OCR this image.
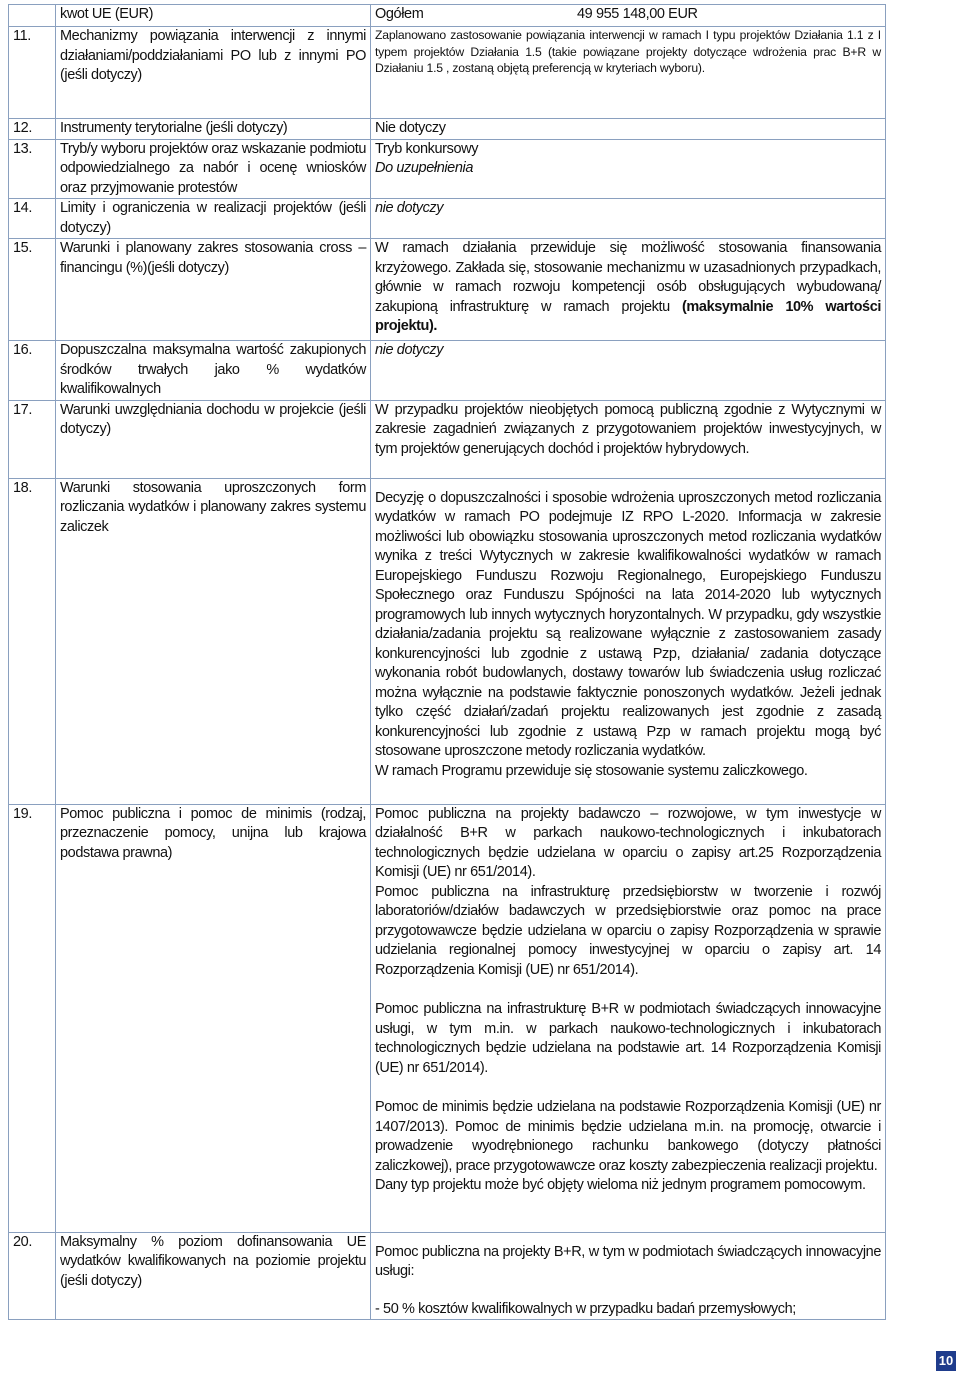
	kwot UE (EUR)	Ogółem 49 955 148,00 EUR
11.	Mechanizmy powiązania interwencji z innymi działaniami/poddziałaniami PO lub z innymi PO (jeśli dotyczy)	Zaplanowano zastosowanie powiązania interwencji w ramach I typu projektów Działania 1.1 z I typem projektów Działania 1.5 (takie powiązane projekty dotyczące wdrożenia prac B+R w Działaniu 1.5 , zostaną objętą preferencją w kryteriach wyboru).
12.	Instrumenty terytorialne (jeśli dotyczy)	Nie dotyczy
13.	Tryb/y wyboru projektów oraz wskazanie podmiotu odpowiedzialnego za nabór i ocenę wniosków oraz przyjmowanie protestów	Tryb konkursowy

Do uzupełnienia

14.	Limity i ograniczenia w realizacji projektów (jeśli dotyczy)	nie dotyczy
15.	Warunki i planowany zakres stosowania cross – financingu (%)(jeśli dotyczy)	W ramach działania przewiduje się możliwość stosowania finansowania krzyżowego. Zakłada się, stosowanie mechanizmu w uzasadnionych przypadkach, głównie w ramach rozwoju kompetencji osób obsługujących wybudowaną/ zakupioną infrastrukturę w ramach projektu (maksymalnie 10% wartości projektu).
16.	Dopuszczalna maksymalna wartość zakupionych środków trwałych jako % wydatków kwalifikowalnych	nie dotyczy
17.	Warunki uwzględniania dochodu w projekcie (jeśli dotyczy)	W przypadku projektów nieobjętych pomocą publiczną zgodnie z Wytycznymi w zakresie zagadnień związanych z przygotowaniem projektów inwestycyjnych, w tym projektów generujących dochód i projektów hybrydowych.
18.	Warunki stosowania uproszczonych form rozliczania wydatków i planowany zakres systemu zaliczek	Decyzję o dopuszczalności i sposobie wdrożenia uproszczonych metod rozliczania wydatków w ramach PO podejmuje IZ RPO L-2020. Informacja w zakresie możliwości lub obowiązku stosowania uproszczonych metod rozliczania wydatków wynika z treści Wytycznych w zakresie kwalifikowalności wydatków w ramach Europejskiego Funduszu Rozwoju Regionalnego, Europejskiego Funduszu Społecznego oraz Funduszu Spójności na lata 2014-2020 lub wytycznych programowych lub innych wytycznych horyzontalnych. W przypadku, gdy wszystkie działania/zadania projektu są realizowane wyłącznie z zastosowaniem zasady konkurencyjności lub zgodnie z ustawą Pzp, działania/ zadania dotyczące wykonania robót budowlanych, dostawy towarów lub świadczenia usług rozliczać można wyłącznie na podstawie faktycznie ponoszonych wydatków. Jeżeli jednak tylko część działań/zadań projektu realizowanych jest zgodnie z zasadą konkurencyjności lub zgodnie z ustawą Pzp w ramach projektu mogą być stosowane uproszczone metody rozliczania wydatków.

W ramach Programu przewiduje się stosowanie systemu zaliczkowego.

19.	Pomoc publiczna i pomoc de minimis (rodzaj, przeznaczenie pomocy, unijna lub krajowa podstawa prawna)	Pomoc publiczna na projekty badawczo – rozwojowe, w tym inwestycje w działalność B+R w parkach naukowo-technologicznych i inkubatorach technologicznych będzie udzielana w oparciu o zapisy art.25 Rozporządzenia Komisji (UE) nr 651/2014).

Pomoc publiczna na infrastrukturę przedsiębiorstw w tworzenie i rozwój laboratoriów/działów badawczych w przedsiębiorstwie oraz pomoc na prace przygotowawcze będzie udzielana w oparciu o zapisy Rozporządzenia w sprawie udzielania regionalnej pomocy inwestycyjnej w oparciu o zapisy art. 14 Rozporządzenia Komisji (UE) nr 651/2014).

Pomoc publiczna na infrastrukturę B+R w podmiotach świadczących innowacyjne usługi, w tym m.in. w parkach naukowo-technologicznych i inkubatorach technologicznych będzie udzielana na podstawie art. 14 Rozporządzenia Komisji (UE) nr 651/2014).

Pomoc de minimis będzie udzielana na podstawie Rozporządzenia Komisji (UE) nr 1407/2013). Pomoc de minimis będzie udzielana m.in. na promocję, otwarcie i prowadzenie wyodrębnionego rachunku bankowego (dotyczy płatności zaliczkowej), prace przygotowawcze oraz koszty zabezpieczenia realizacji projektu.

Dany typ projektu może być objęty wieloma niż jednym programem pomocowym.

20.	Maksymalny % poziom dofinansowania UE wydatków kwalifikowanych na poziomie projektu (jeśli dotyczy)	Pomoc publiczna na projekty B+R, w tym w podmiotach świadczących innowacyjne usługi:

- 50 % kosztów kwalifikowalnych w przypadku badań przemysłowych;

10
